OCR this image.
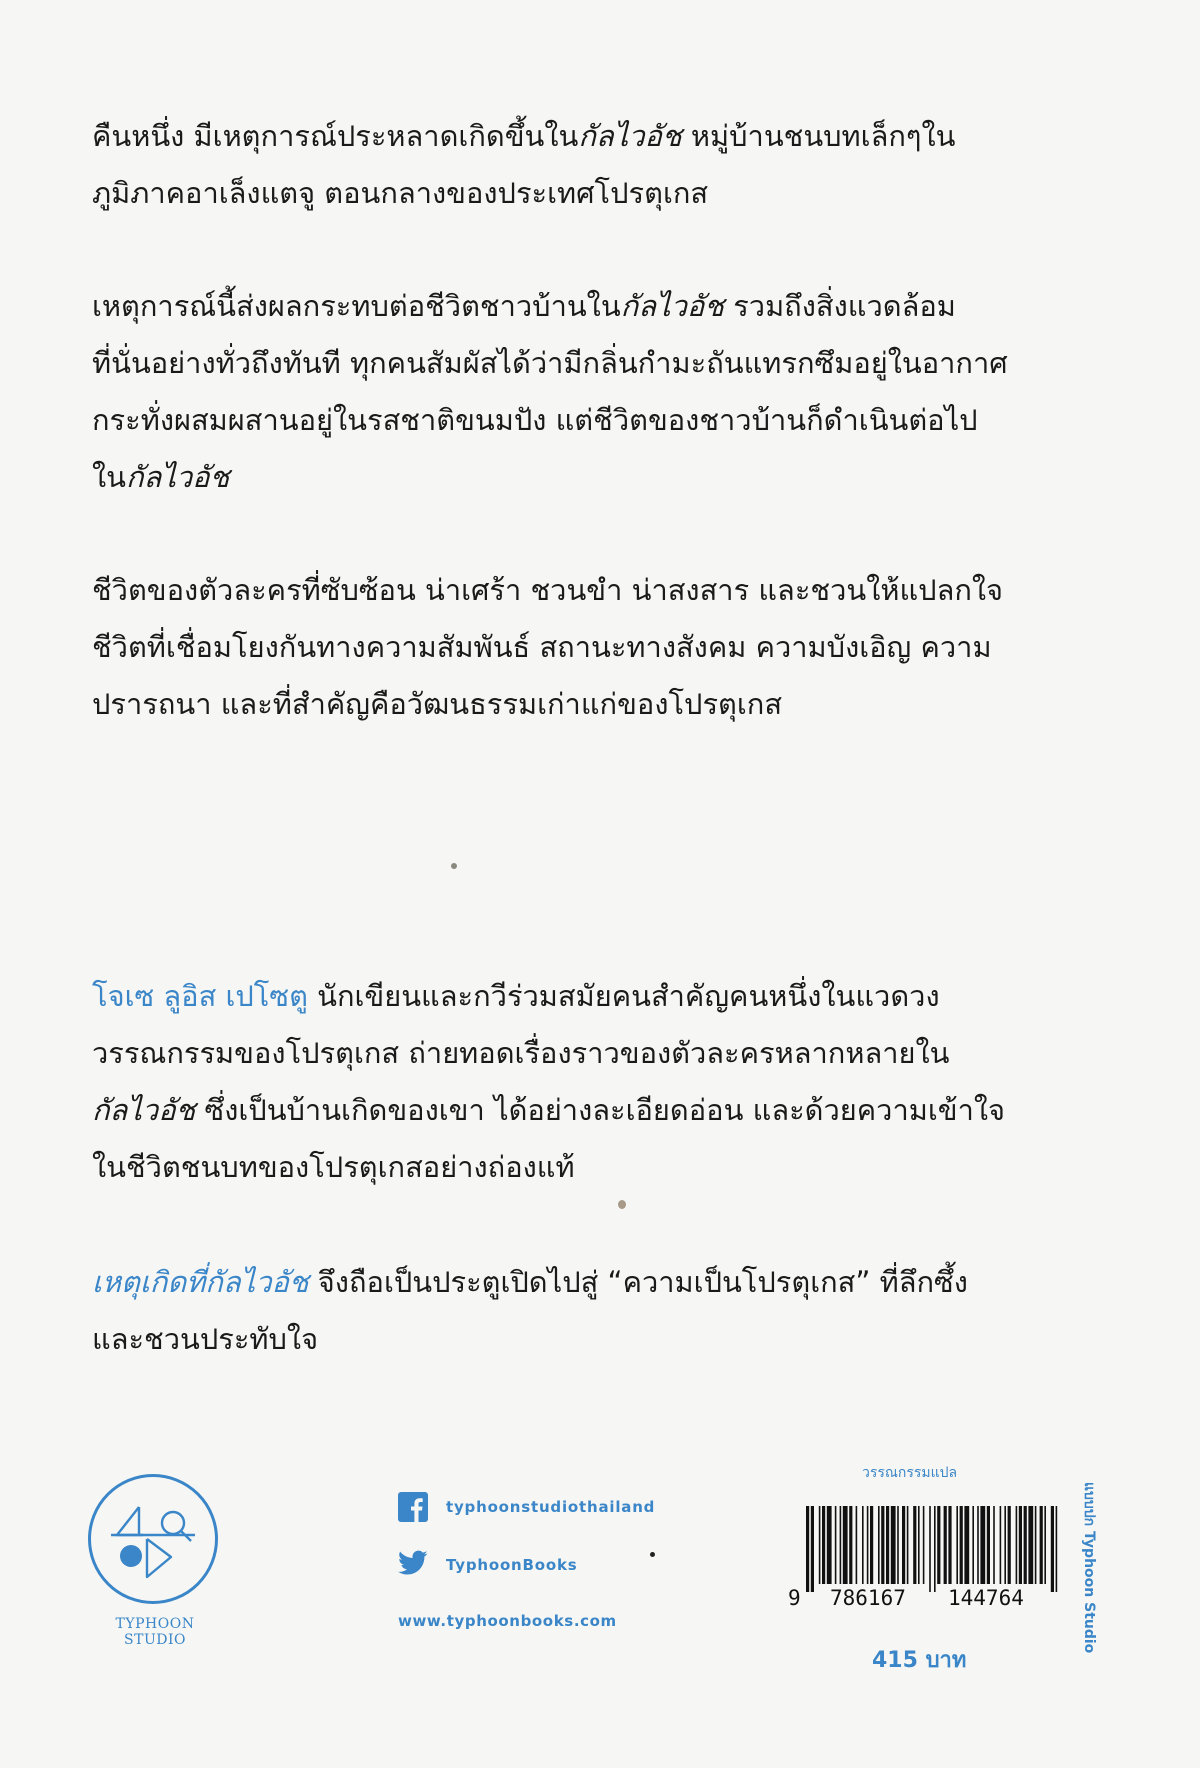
คืนหนึ่ง มีเหตุการณ์ประหลาดเกิดขึ้นในกัลไวอัช หมู่บ้านชนบทเล็กๆใน
ภูมิภาคอาเล็งแตจู ตอนกลางของประเทศโปรตุเกส
เหตุการณ์นี้ส่งผลกระทบต่อชีวิตชาวบ้านในกัลไวอัช รวมถึงสิ่งแวดล้อม
ที่นั่นอย่างทั่วถึงทันที ทุกคนสัมผัสได้ว่ามีกลิ่นกำมะถันแทรกซึมอยู่ในอากาศ
กระทั่งผสมผสานอยู่ในรสชาติขนมปัง แต่ชีวิตของชาวบ้านก็ดำเนินต่อไป
ในกัลไวอัช
ชีวิตของตัวละครที่ซับซ้อน น่าเศร้า ชวนขำ น่าสงสาร และชวนให้แปลกใจ
ชีวิตที่เชื่อมโยงกันทางความสัมพันธ์ สถานะทางสังคม ความบังเอิญ ความ
ปรารถนา และที่สำคัญคือวัฒนธรรมเก่าแก่ของโปรตุเกส
โจเซ ลูอิส เปโซตู นักเขียนและกวีร่วมสมัยคนสำคัญคนหนึ่งในแวดวง
วรรณกรรมของโปรตุเกส ถ่ายทอดเรื่องราวของตัวละครหลากหลายใน
กัลไวอัช ซึ่งเป็นบ้านเกิดของเขา ได้อย่างละเอียดอ่อน และด้วยความเข้าใจ
ในชีวิตชนบทของโปรตุเกสอย่างถ่องแท้
เหตุเกิดที่กัลไวอัช จึงถือเป็นประตูเปิดไปสู่ “ความเป็นโปรตุเกส” ที่ลึกซึ้ง
และชวนประทับใจ
TYPHOON
STUDIO
typhoonstudiothailand
TyphoonBooks
www.typhoonbooks.com
วรรณกรรมแปล
9 786167 144764
415 บาท
แบบปก Typhoon Studio
